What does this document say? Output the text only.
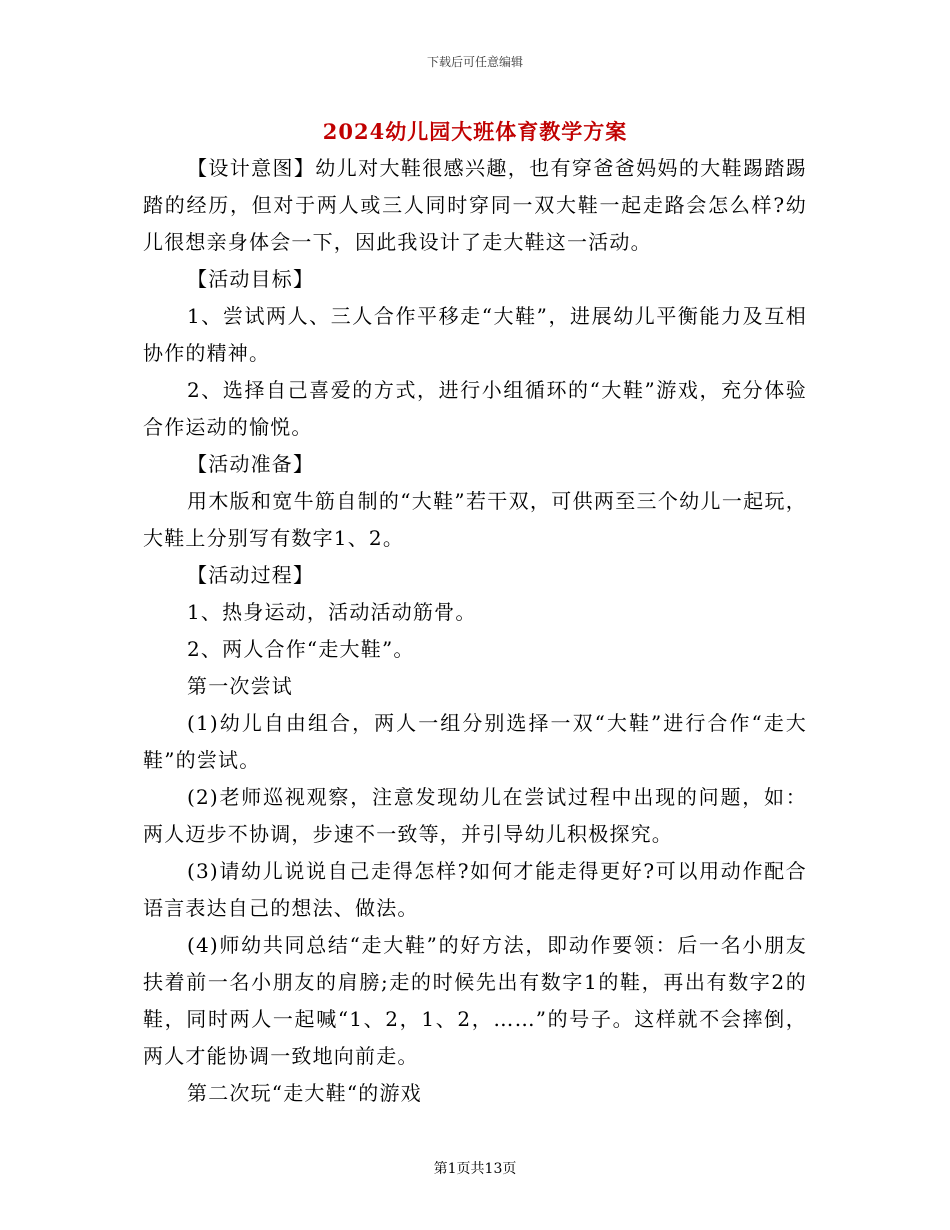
下载后可任意编辑
2024幼儿园大班体育教学方案

【设计意图】幼儿对大鞋很感兴趣，也有穿爸爸妈妈的大鞋踢踏踢踏的经历，但对于两人或三人同时穿同一双大鞋一起走路会怎么样?幼儿很想亲身体会一下，因此我设计了走大鞋这一活动。

【活动目标】

1、尝试两人、三人合作平移走“大鞋”，进展幼儿平衡能力及互相协作的精神。

2、选择自己喜爱的方式，进行小组循环的“大鞋”游戏，充分体验合作运动的愉悦。

【活动准备】

用木版和宽牛筋自制的“大鞋”若干双，可供两至三个幼儿一起玩，大鞋上分别写有数字1、2。

【活动过程】

1、热身运动，活动活动筋骨。

2、两人合作“走大鞋”。

第一次尝试

(1)幼儿自由组合，两人一组分别选择一双“大鞋”进行合作“走大鞋”的尝试。

(2)老师巡视观察，注意发现幼儿在尝试过程中出现的问题，如：两人迈步不协调，步速不一致等，并引导幼儿积极探究。

(3)请幼儿说说自己走得怎样?如何才能走得更好?可以用动作配合语言表达自己的想法、做法。

(4)师幼共同总结“走大鞋”的好方法，即动作要领：后一名小朋友扶着前一名小朋友的肩膀;走的时候先出有数字1的鞋，再出有数字2的鞋，同时两人一起喊“1、2，1、2，……”的号子。这样就不会摔倒，两人才能协调一致地向前走。

第二次玩“走大鞋“的游戏

第1页共13页
